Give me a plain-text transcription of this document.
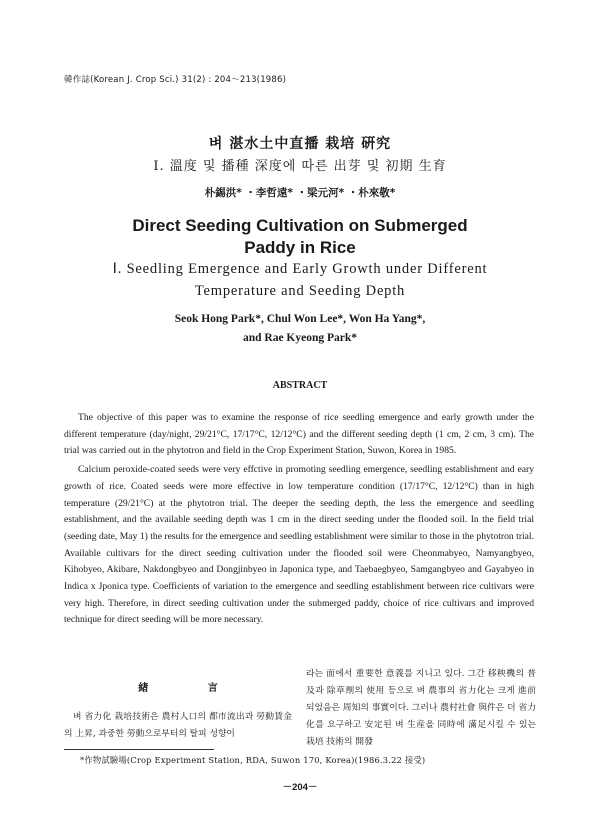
韓作誌(Korean J. Crop Sci.) 31(2) : 204～213(1986)
벼 湛水土中直播 栽培 硏究
Ⅰ. 溫度 및 播種 深度에 따른 出芽 및 初期 生育
朴錫洪* ・李哲遠* ・梁元河* ・朴來敬*
Direct Seeding Cultivation on Submerged
Paddy in Rice
Ⅰ. Seedling Emergence and Early Growth under Different
Temperature and Seeding Depth
Seok Hong Park*, Chul Won Lee*, Won Ha Yang*,
and Rae Kyeong Park*
ABSTRACT

The objective of this paper was to examine the response of rice seedling emergence and early growth under the different temperature (day/night, 29/21°C, 17/17°C, 12/12°C) and the different seeding depth (1 cm, 2 cm, 3 cm). The trial was carried out in the phytotron and field in the Crop Experiment Station, Suwon, Korea in 1985.

Calcium peroxide-coated seeds were very effctive in promoting seedling emergence, seedling establishment and eary growth of rice. Coated seeds were more effective in low temperature condition (17/17°C, 12/12°C) than in high temperature (29/21°C) at the phytotron trial. The deeper the seeding depth, the less the emergence and seedling establishment, and the available seeding depth was 1 cm in the direct seeding under the flooded soil. In the field trial (seeding date, May 1) the results for the emergence and seedling establishment were similar to those in the phytotron trial. Available cultivars for the direct seeding cultivation under the flooded soil were Cheonmabyeo, Namyangbyeo, Kihobyeo, Akibare, Nakdongbyeo and Dongjinbyeo in Japonica type, and Taebaegbyeo, Samgangbyeo and Gayabyeo in Indica x Jponica type. Coefficients of variation to the emergence and seedling establishment between rice cultivars were very high. Therefore, in direct seeding cultivation under the submerged paddy, choice of rice cultivars and improved technique for direct seeding will be more necessary.

緖 言

벼 省力化 栽培技術은 農村人口의 都市流出과 勞動賃金의 上昇, 과중한 勞動으로부터의 탈피 성향이

라는 面에서 重要한 意義를 지니고 있다. 그간 移秧機의 普及과 除草劑의 使用 등으로 벼 農事의 省力化는 크게 進前되었음은 周知의 事實이다. 그러나 農村社會 與件은 더 省力化를 요구하고 安定된 벼 生産을 同時에 滿足시킬 수 있는 栽培 技術의 開發

*作物試驗場(Crop Experiment Station, RDA, Suwon 170, Korea)(1986.3.22 接受)
－204－
